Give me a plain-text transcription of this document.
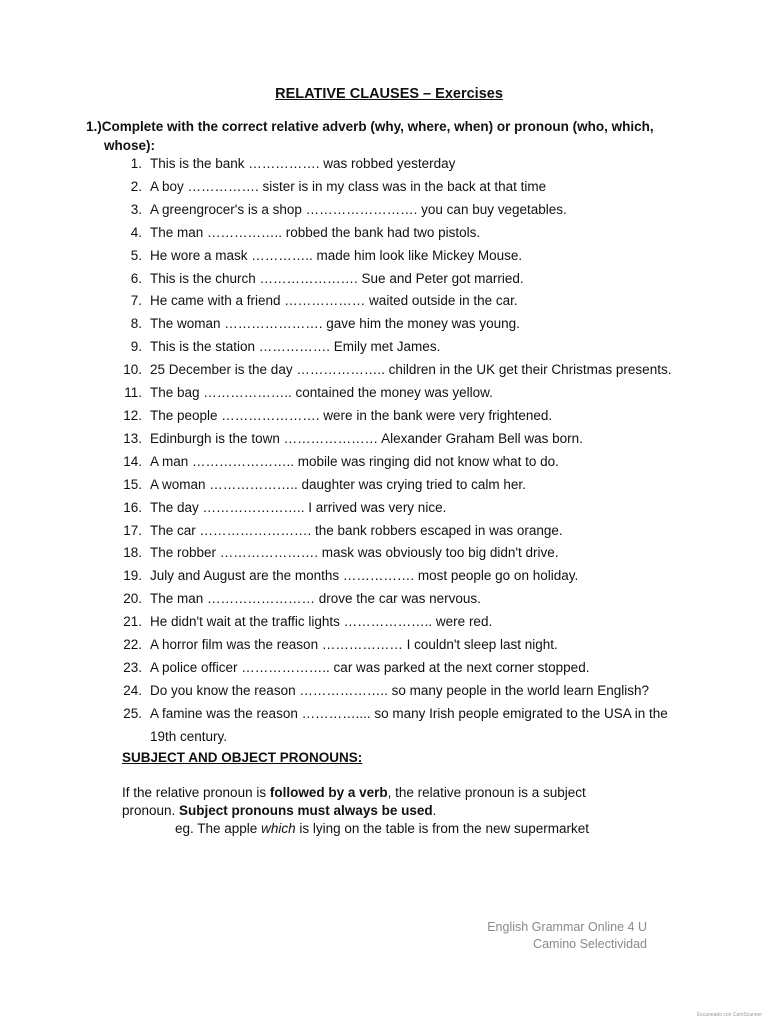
RELATIVE CLAUSES – Exercises
1.)Complete with the correct relative adverb (why, where, when) or pronoun (who, which,
whose):
1. This is the bank ……………. was robbed yesterday
2. A boy ……………. sister is in my class was in the back at that time
3. A greengrocer's is a shop ……………………. you can buy vegetables.
4. The man …………….. robbed the bank had two pistols.
5. He wore a mask ………….. made him look like Mickey Mouse.
6. This is the church …………………. Sue and Peter got married.
7. He came with a friend ……………… waited outside in the car.
8. The woman …………………. gave him the money was young.
9. This is the station ……………. Emily met James.
10. 25 December is the day ……………….. children in the UK get their Christmas presents.
11. The bag ……………….. contained the money was yellow.
12. The people …………………. were in the bank were very frightened.
13. Edinburgh is the town ………………… Alexander Graham Bell was born.
14. A man ………………….. mobile was ringing did not know what to do.
15. A woman ……………….. daughter was crying tried to calm her.
16. The day ………………….. I arrived was very nice.
17. The car ……………………. the bank robbers escaped in was orange.
18. The robber …………………. mask was obviously too big didn't drive.
19. July and August are the months ……………. most people go on holiday.
20. The man …………………… drove the car was nervous.
21. He didn't wait at the traffic lights ……………….. were red.
22. A horror film was the reason ……………… I couldn't sleep last night.
23. A police officer ……………….. car was parked at the next corner stopped.
24. Do you know the reason ……………….. so many people in the world learn English?
25. A famine was the reason ………….... so many Irish people emigrated to the USA in the 19th century.
SUBJECT AND OBJECT PRONOUNS:
If the relative pronoun is followed by a verb, the relative pronoun is a subject pronoun. Subject pronouns must always be used.
eg. The apple which is lying on the table is from the new supermarket
English Grammar Online 4 U
Camino Selectividad
Escaneado con CamScanner
